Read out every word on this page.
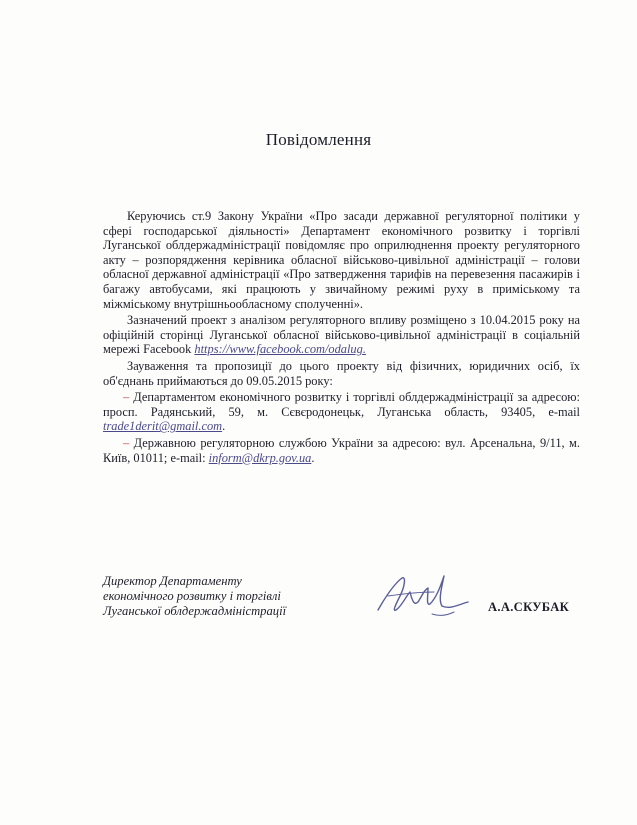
Повідомлення

Керуючись ст.9 Закону України «Про засади державної регуляторної політики у сфері господарської діяльності» Департамент економічного розвитку і торгівлі Луганської облдержадміністрації повідомляє про оприлюднення проекту регуляторного акту – розпорядження керівника обласної військово-цивільної адміністрації – голови обласної державної адміністрації «Про затвердження тарифів на перевезення пасажирів і багажу автобусами, які працюють у звичайному режимі руху в приміському та міжміському внутрішньообласному сполученні».

Зазначений проект з аналізом регуляторного впливу розміщено з 10.04.2015 року на офіційній сторінці Луганської обласної військово-цивільної адміністрації в соціальній мережі Facebook https://www.facebook.com/odalug.

Зауваження та пропозиції до цього проекту від фізичних, юридичних осіб, їх об'єднань приймаються до 09.05.2015 року:

– Департаментом економічного розвитку і торгівлі облдержадміністрації за адресою: просп. Радянський, 59, м. Сєвєродонецьк, Луганська область, 93405, e-mail trade1derit@gmail.com.

– Державною регуляторною службою України за адресою: вул. Арсенальна, 9/11, м. Київ, 01011; e-mail: inform@dkrp.gov.ua.

Директор Департаменту
економічного розвитку і торгівлі
Луганської облдержадміністрації	А.А.СКУБАК
